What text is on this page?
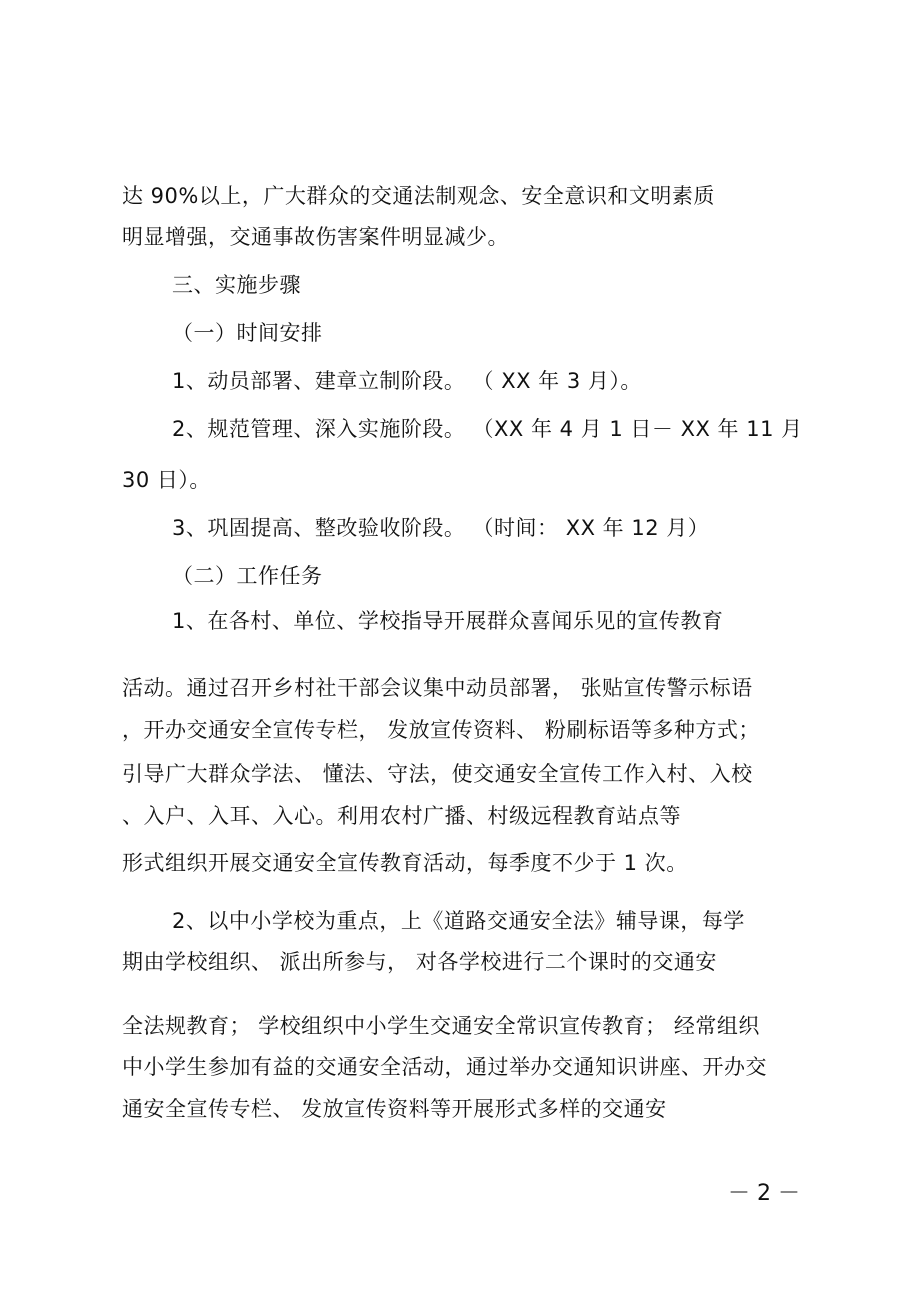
达 90%以上，广大群众的交通法制观念、安全意识和文明素质
明显增强，交通事故伤害案件明显减少。
三、实施步骤
（一）时间安排
1、动员部署、建章立制阶段。 （ XX 年 3 月）。
2、规范管理、深入实施阶段。 （XX 年 4 月 1 日－ XX 年 11 月
30 日）。
3、巩固提高、整改验收阶段。 （时间： XX 年 12 月）
（二）工作任务
1、在各村、单位、学校指导开展群众喜闻乐见的宣传教育
活动。通过召开乡村社干部会议集中动员部署， 张贴宣传警示标语
，开办交通安全宣传专栏， 发放宣传资料、 粉刷标语等多种方式；
引导广大群众学法、 懂法、守法，使交通安全宣传工作入村、入校
、入户、入耳、入心。利用农村广播、村级远程教育站点等
形式组织开展交通安全宣传教育活动，每季度不少于 1 次。
2、以中小学校为重点，上《道路交通安全法》辅导课，每学
期由学校组织、 派出所参与， 对各学校进行二个课时的交通安
全法规教育； 学校组织中小学生交通安全常识宣传教育； 经常组织
中小学生参加有益的交通安全活动，通过举办交通知识讲座、开办交
通安全宣传专栏、 发放宣传资料等开展形式多样的交通安
－ 2 －
